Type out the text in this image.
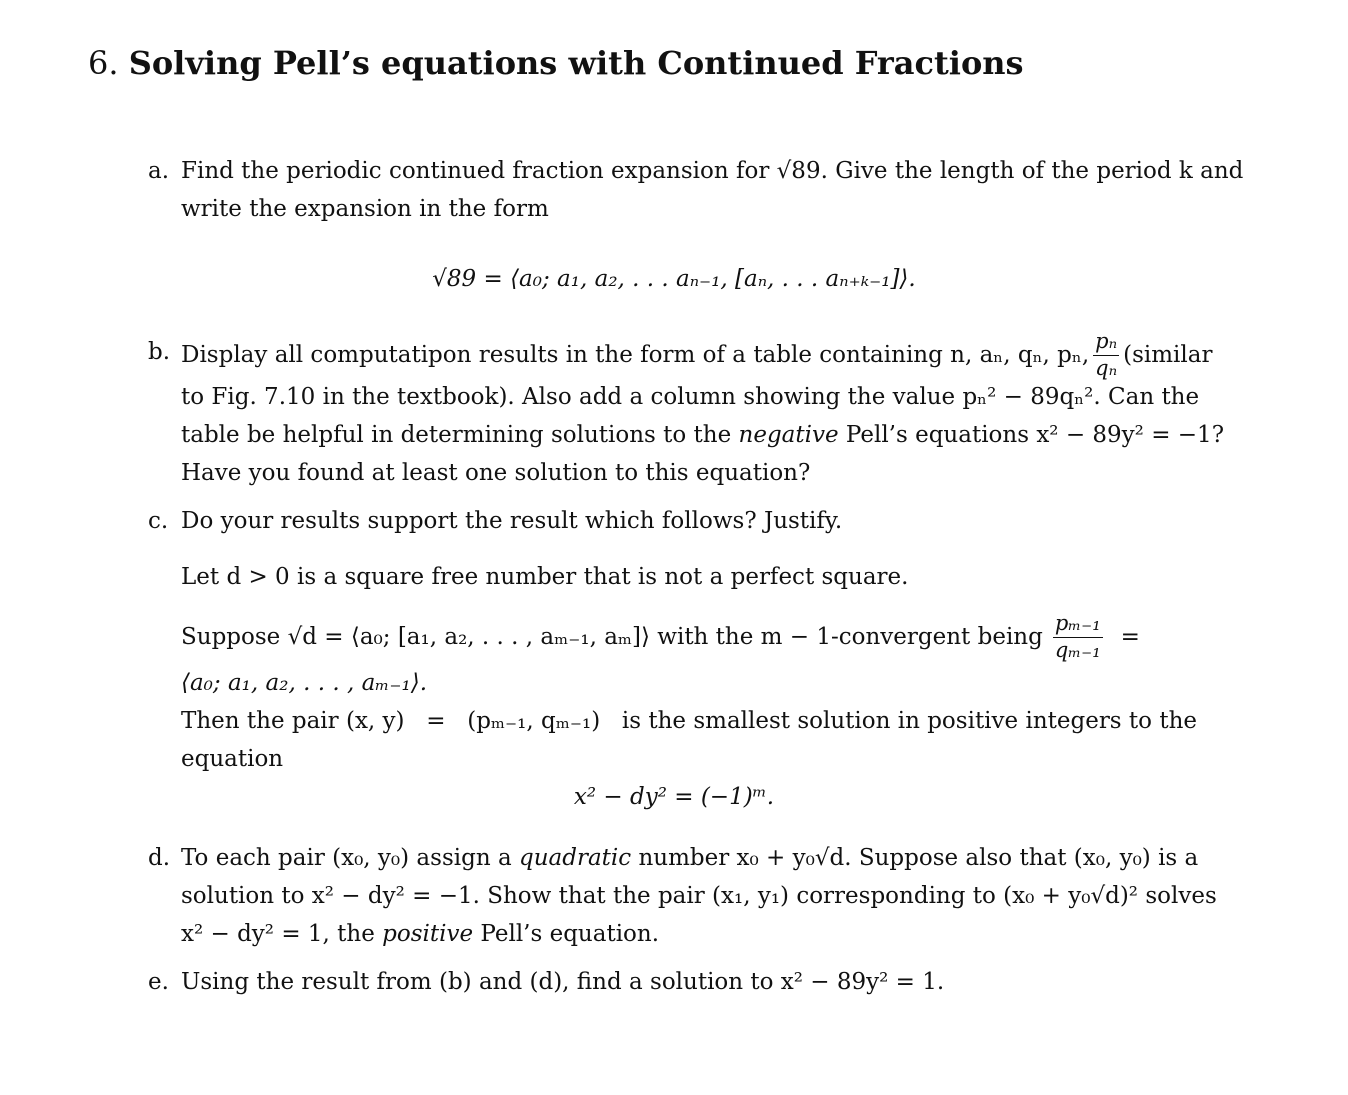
6. Solving Pell’s equations with Continued Fractions
a. Find the periodic continued fraction expansion for √89. Give the length of the period k and
write the expansion in the form
√89 = ⟨a₀; a₁, a₂, . . . aₙ₋₁, [aₙ, . . . aₙ₊ₖ₋₁]⟩.
b. Display all computatipon results in the form of a table containing n, aₙ, qₙ, pₙ, $\frac{\text{pₙ}}{\text{qₙ}}$ (similar
to Fig. 7.10 in the textbook). Also add a column showing the value pₙ² − 89qₙ². Can the
table be helpful in determining solutions to the negative Pell’s equations x² − 89y² = −1?
Have you found at least one solution to this equation?
c. Do your results support the result which follows? Justify.
Let d > 0 is a square free number that is not a perfect square.
Suppose √d = ⟨a₀; [a₁, a₂, . . . , aₘ₋₁, aₘ]⟩ with the m − 1-convergent being $\frac{\text{pₘ₋₁}}{\text{qₘ₋₁}}$ =
⟨a₀; a₁, a₂, . . . , aₘ₋₁⟩.
Then the pair (x, y) = (pₘ₋₁, qₘ₋₁) is the smallest solution in positive integers to the
equation
x² − dy² = (−1)ᵐ.
d. To each pair (x₀, y₀) assign a quadratic number x₀ + y₀√d. Suppose also that (x₀, y₀) is a
solution to x² − dy² = −1. Show that the pair (x₁, y₁) corresponding to (x₀ + y₀√d)² solves
x² − dy² = 1, the positive Pell’s equation.
e. Using the result from (b) and (d), find a solution to x² − 89y² = 1.
